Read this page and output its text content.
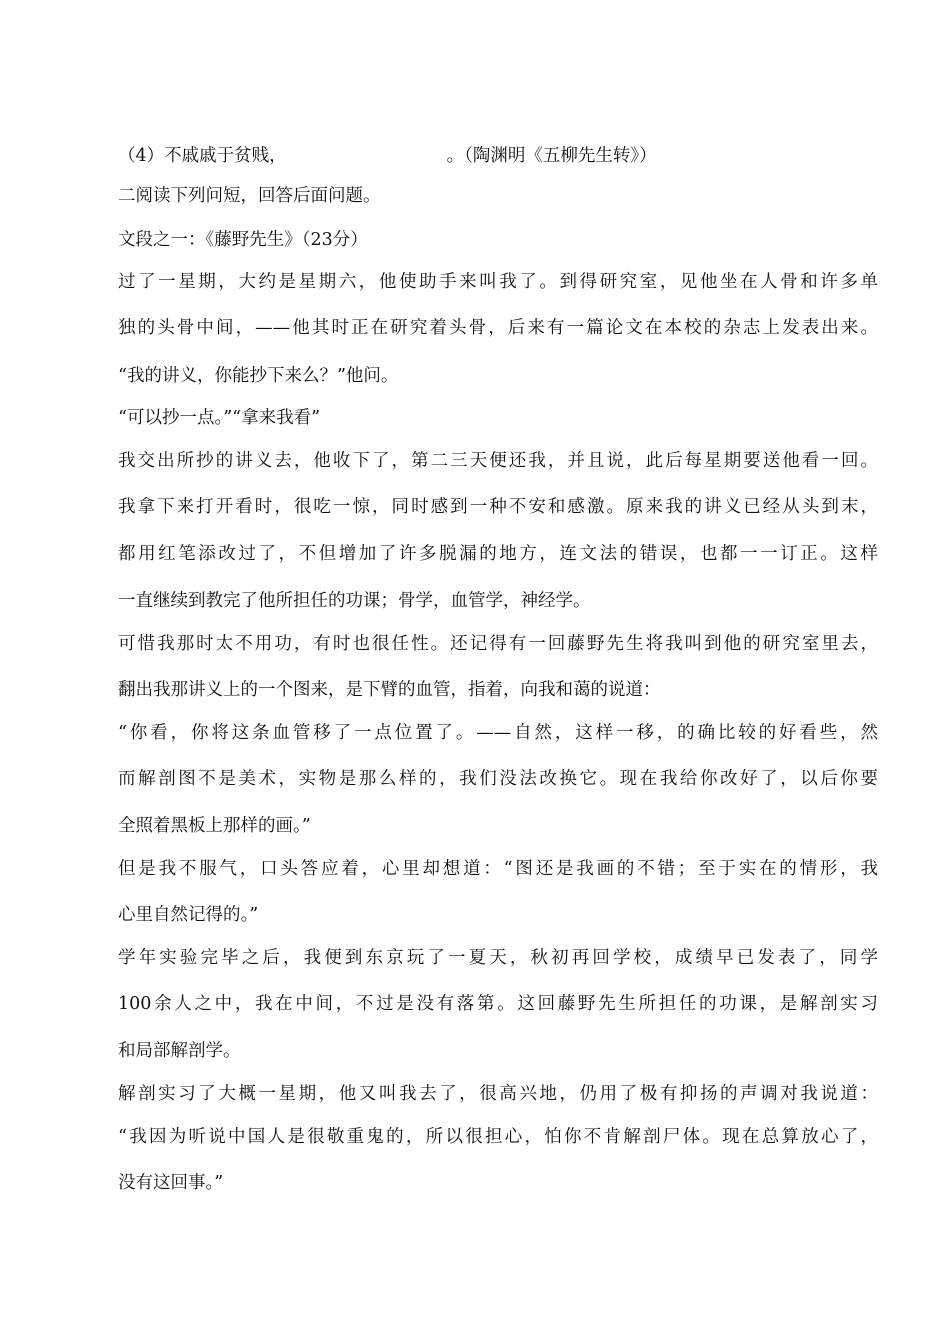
（4）不戚戚于贫贱，	。（陶渊明《五柳先生转》）
二阅读下列问短，回答后面问题。
文段之一：《藤野先生》（23分）
过了一星期，大约是星期六，他使助手来叫我了。到得研究室，见他坐在人骨和许多单
独的头骨中间，——他其时正在研究着头骨，后来有一篇论文在本校的杂志上发表出来。
“我的讲义，你能抄下来么？”他问。
“可以抄一点。”“拿来我看”
我交出所抄的讲义去，他收下了，第二三天便还我，并且说，此后每星期要送他看一回。
我拿下来打开看时，很吃一惊，同时感到一种不安和感激。原来我的讲义已经从头到末，
都用红笔添改过了，不但增加了许多脱漏的地方，连文法的错误，也都一一订正。这样
一直继续到教完了他所担任的功课；骨学，血管学，神经学。
可惜我那时太不用功，有时也很任性。还记得有一回藤野先生将我叫到他的研究室里去，
翻出我那讲义上的一个图来，是下臂的血管，指着，向我和蔼的说道：
“你看，你将这条血管移了一点位置了。——自然，这样一移，的确比较的好看些，然
而解剖图不是美术，实物是那么样的，我们没法改换它。现在我给你改好了，以后你要
全照着黑板上那样的画。”
但是我不服气，口头答应着，心里却想道：“图还是我画的不错；至于实在的情形，我
心里自然记得的。”
学年实验完毕之后，我便到东京玩了一夏天，秋初再回学校，成绩早已发表了，同学
100余人之中，我在中间，不过是没有落第。这回藤野先生所担任的功课，是解剖实习
和局部解剖学。
解剖实习了大概一星期，他又叫我去了，很高兴地，仍用了极有抑扬的声调对我说道：
“我因为听说中国人是很敬重鬼的，所以很担心，怕你不肯解剖尸体。现在总算放心了，
没有这回事。”
